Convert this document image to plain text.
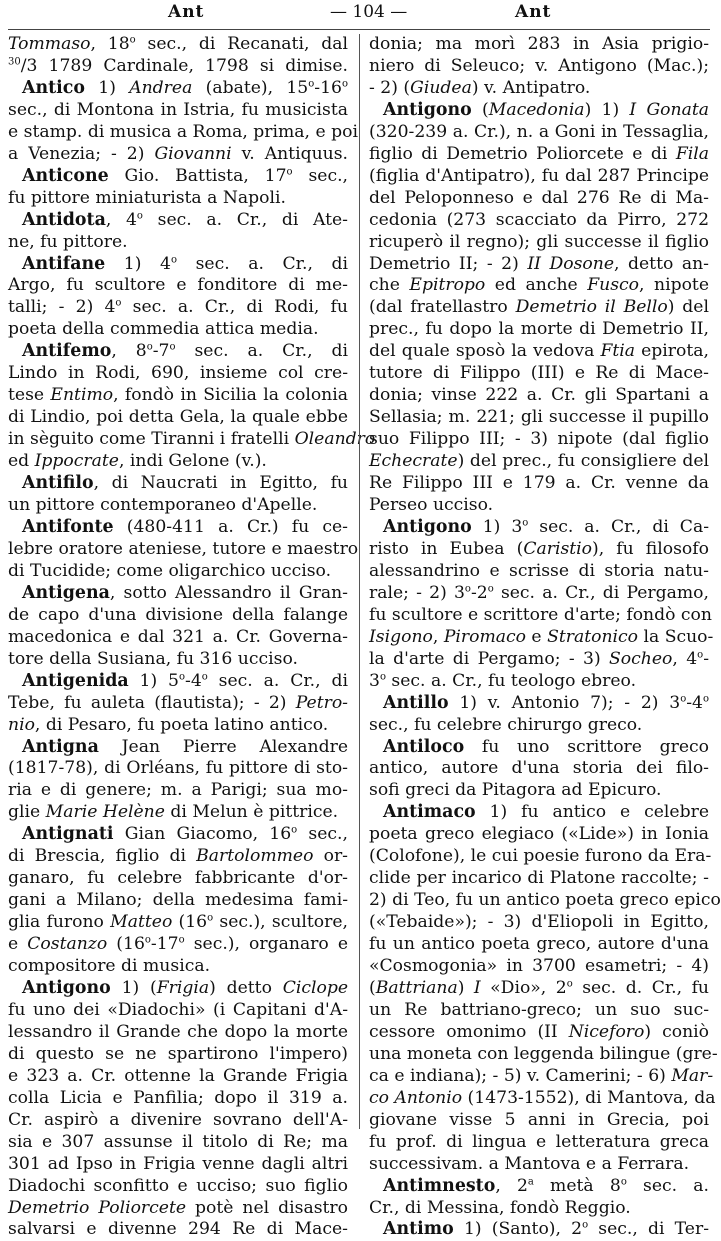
Ant	— 104 —	Ant
Tommaso, 18$^o$ sec., di Recanati, dal
$^{30}$/3 1789 Cardinale, 1798 si dimise.
Antico 1) Andrea (abate), 15$^o$-16$^o$
sec., di Montona in Istria, fu musicista
e stamp. di musica a Roma, prima, e poi
a Venezia; - 2) Giovanni v. Antiquus.
Anticone Gio. Battista, 17$^o$ sec.,
fu pittore miniaturista a Napoli.
Antidota, 4$^o$ sec. a. Cr., di Ate-
ne, fu pittore.
Antifane 1) 4$^o$ sec. a. Cr., di
Argo, fu scultore e fonditore di me-
talli; - 2) 4$^o$ sec. a. Cr., di Rodi, fu
poeta della commedia attica media.
Antifemo, 8$^o$-7$^o$ sec. a. Cr., di
Lindo in Rodi, 690, insieme col cre-
tese Entimo, fondò in Sicilia la colonia
di Lindio, poi detta Gela, la quale ebbe
in sèguito come Tiranni i fratelli Oleandro
ed Ippocrate, indi Gelone (v.).
Antifilo, di Naucrati in Egitto, fu
un pittore contemporaneo d'Apelle.
Antifonte (480-411 a. Cr.) fu ce-
lebre oratore ateniese, tutore e maestro
di Tucidide; come oligarchico ucciso.
Antigena, sotto Alessandro il Gran-
de capo d'una divisione della falange
macedonica e dal 321 a. Cr. Governa-
tore della Susiana, fu 316 ucciso.
Antigenida 1) 5$^o$-4$^o$ sec. a. Cr., di
Tebe, fu auleta (flautista); - 2) Petro-
nio, di Pesaro, fu poeta latino antico.
Antigna Jean Pierre Alexandre
(1817-78), di Orléans, fu pittore di sto-
ria e di genere; m. a Parigi; sua mo-
glie Marie Helène di Melun è pittrice.
Antignati Gian Giacomo, 16$^o$ sec.,
di Brescia, figlio di Bartolommeo or-
ganaro, fu celebre fabbricante d'or-
gani a Milano; della medesima fami-
glia furono Matteo (16$^o$ sec.), scultore,
e Costanzo (16$^o$-17$^o$ sec.), organaro e
compositore di musica.
Antigono 1) (Frigia) detto Ciclope
fu uno dei «Diadochi» (i Capitani d'A-
lessandro il Grande che dopo la morte
di questo se ne spartirono l'impero)
e 323 a. Cr. ottenne la Grande Frigia
colla Licia e Panfilia; dopo il 319 a.
Cr. aspirò a divenire sovrano dell'A-
sia e 307 assunse il titolo di Re; ma
301 ad Ipso in Frigia venne dagli altri
Diadochi sconfitto e ucciso; suo figlio
Demetrio Poliorcete potè nel disastro
salvarsi e divenne 294 Re di Mace-
donia; ma morì 283 in Asia prigio-
niero di Seleuco; v. Antigono (Mac.);
- 2) (Giudea) v. Antipatro.
Antigono (Macedonia) 1) I Gonata
(320-239 a. Cr.), n. a Goni in Tessaglia,
figlio di Demetrio Poliorcete e di Fila
(figlia d'Antipatro), fu dal 287 Principe
del Peloponneso e dal 276 Re di Ma-
cedonia (273 scacciato da Pirro, 272
ricuperò il regno); gli successe il figlio
Demetrio II; - 2) II Dosone, detto an-
che Epitropo ed anche Fusco, nipote
(dal fratellastro Demetrio il Bello) del
prec., fu dopo la morte di Demetrio II,
del quale sposò la vedova Ftia epirota,
tutore di Filippo (III) e Re di Mace-
donia; vinse 222 a. Cr. gli Spartani a
Sellasia; m. 221; gli successe il pupillo
suo Filippo III; - 3) nipote (dal figlio
Echecrate) del prec., fu consigliere del
Re Filippo III e 179 a. Cr. venne da
Perseo ucciso.
Antigono 1) 3$^o$ sec. a. Cr., di Ca-
risto in Eubea (Caristio), fu filosofo
alessandrino e scrisse di storia natu-
rale; - 2) 3$^o$-2$^o$ sec. a. Cr., di Pergamo,
fu scultore e scrittore d'arte; fondò con
Isigono, Piromaco e Stratonico la Scuo-
la d'arte di Pergamo; - 3) Socheo, 4$^o$-
3$^o$ sec. a. Cr., fu teologo ebreo.
Antillo 1) v. Antonio 7); - 2) 3$^o$-4$^o$
sec., fu celebre chirurgo greco.
Antiloco fu uno scrittore greco
antico, autore d'una storia dei filo-
sofi greci da Pitagora ad Epicuro.
Antimaco 1) fu antico e celebre
poeta greco elegiaco («Lide») in Ionia
(Colofone), le cui poesie furono da Era-
clide per incarico di Platone raccolte; -
2) di Teo, fu un antico poeta greco epico
(«Tebaide»); - 3) d'Eliopoli in Egitto,
fu un antico poeta greco, autore d'una
«Cosmogonia» in 3700 esametri; - 4)
(Battriana) I «Dio», 2$^o$ sec. d. Cr., fu
un Re battriano-greco; un suo suc-
cessore omonimo (II Niceforo) coniò
una moneta con leggenda bilingue (gre-
ca e indiana); - 5) v. Camerini; - 6) Mar-
co Antonio (1473-1552), di Mantova, da
giovane visse 5 anni in Grecia, poi
fu prof. di lingua e letteratura greca
successivam. a Mantova e a Ferrara.
Antimnesto, 2$^a$ metà 8$^o$ sec. a.
Cr., di Messina, fondò Reggio.
Antimo 1) (Santo), 2$^o$ sec., di Ter-
